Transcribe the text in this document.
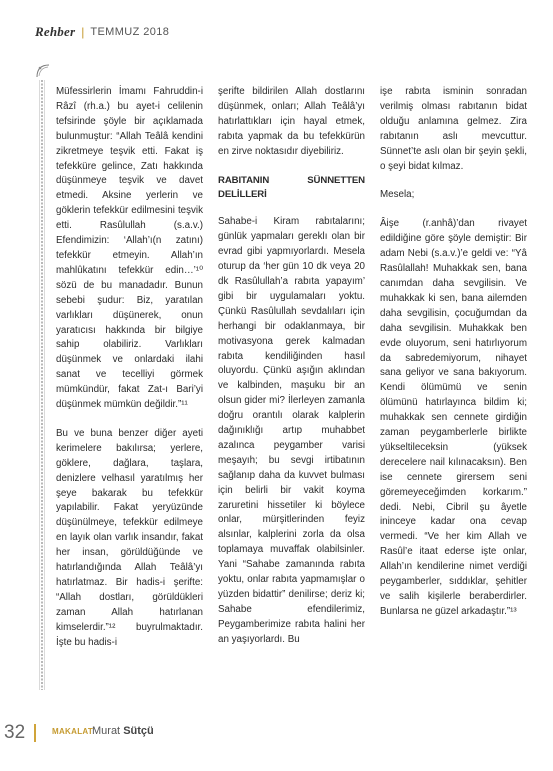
Rehber | TEMMUZ 2018

Müfessirlerin İmamı Fahruddin-i Râzî (rh.a.) bu ayet-i celilenin tefsirinde şöyle bir açıklamada bulunmuştur: “Allah Teâlâ kendini zikretmeye teşvik etti. Fakat iş tefekküre gelince, Zatı hakkında düşünmeye teşvik ve davet etmedi. Aksine yerlerin ve göklerin tefekkür edilmesini teşvik etti. Rasûlullah (s.a.v.) Efendimizin: ‘Allah’ı(n zatını) tefekkür etmeyin. Allah’ın mahlûkatını tefekkür edin…’¹⁰ sözü de bu manadadır. Bunun sebebi şudur: Biz, yaratılan varlıkları düşünerek, onun yaratıcısı hakkında bir bilgiye sahip olabiliriz. Varlıkları düşünmek ve onlardaki ilahi sanat ve tecelliyi görmek mümkündür, fakat Zat-ı Bari’yi düşünmek mümkün değildir.”¹¹

Bu ve buna benzer diğer ayeti kerimelere bakılırsa; yerlere, göklere, dağlara, taşlara, denizlere velhasıl yaratılmış her şeye bakarak bu tefekkür yapılabilir. Fakat yeryüzünde düşünülmeye, tefekkür edilmeye en layık olan varlık insandır, fakat her insan, görüldüğünde ve hatırlandığında Allah Teâlâ’yı hatırlatmaz. Bir hadis-i şerifte: “Allah dostları, görüldükleri zaman Allah hatırlanan kimselerdir.”¹² buyrulmaktadır. İşte bu hadis-i

şerifte bildirilen Allah dostlarını düşünmek, onları; Allah Teâlâ’yı hatırlattıkları için hayal etmek, rabıta yapmak da bu tefekkürün en zirve noktasıdır diyebiliriz.

RABITANIN SÜNNETTEN DELİLLERİ

Sahabe-i Kiram rabıtalarını; günlük yapmaları gereklı olan bir evrad gibi yapmıyorlardı. Mesela oturup da ‘her gün 10 dk veya 20 dk Rasûlullah’a rabıta yapayım’ gibi bir uygulamaları yoktu. Çünkü Rasûlullah sevdalıları için herhangi bir odaklanmaya, bir motivasyona gerek kalmadan rabıta kendiliğinden hasıl oluyordu. Çünkü aşığın aklından ve kalbinden, maşuku bir an olsun gider mi? İlerleyen zamanla doğru orantılı olarak kalplerin dağınıklığı artıp muhabbet azalınca peygamber varisi meşayıh; bu sevgi irtibatının sağlanıp daha da kuvvet bulması için belirli bir vakit koyma zaruretini hissetiler ki böylece onlar, mürşitlerinden feyiz alsınlar, kalplerini zorla da olsa toplamaya muvaffak olabilsinler. Yani “Sahabe zamanında rabıta yoktu, onlar rabıta yapmamışlar o yüzden bidattir” denilirse; deriz ki; Sahabe efendilerimiz, Peygamberimize rabıta halini her an yaşıyorlardı. Bu

işe rabıta isminin sonradan verilmiş olması rabıtanın bidat olduğu anlamına gelmez. Zira rabıtanın aslı mevcuttur. Sünnet’te aslı olan bir şeyin şekli, o şeyi bidat kılmaz.

Mesela;

Âişe (r.anhâ)’dan rivayet edildiğine göre şöyle demiştir: Bir adam Nebi (s.a.v.)’e geldi ve: “Yâ Rasûlallah! Muhakkak sen, bana canımdan daha sevgilisin. Ve muhakkak ki sen, bana ailemden daha sevgilisin, çocuğumdan da daha sevgilisin. Muhakkak ben evde oluyorum, seni hatırlıyorum da sabredemiyorum, nihayet sana geliyor ve sana bakıyorum. Kendi ölümümü ve senin ölümünü hatırlayınca bildim ki; muhakkak sen cennete girdiğin zaman peygamberlerle birlikte yükseltileceksin (yüksek derecelere nail kılınacaksın). Ben ise cennete girersem seni göremeyeceğimden korkarım.” dedi. Nebi, Cibril şu âyetle ininceye kadar ona cevap vermedi. “Ve her kim Allah ve Rasûl’e itaat ederse işte onlar, Allah’ın kendilerine nimet verdiği peygamberler, sıddıklar, şehitler ve salih kişilerle beraberdirler. Bunlarsa ne güzel arkadaştır.”¹³

32	MAKALAT
Murat Sütçü
